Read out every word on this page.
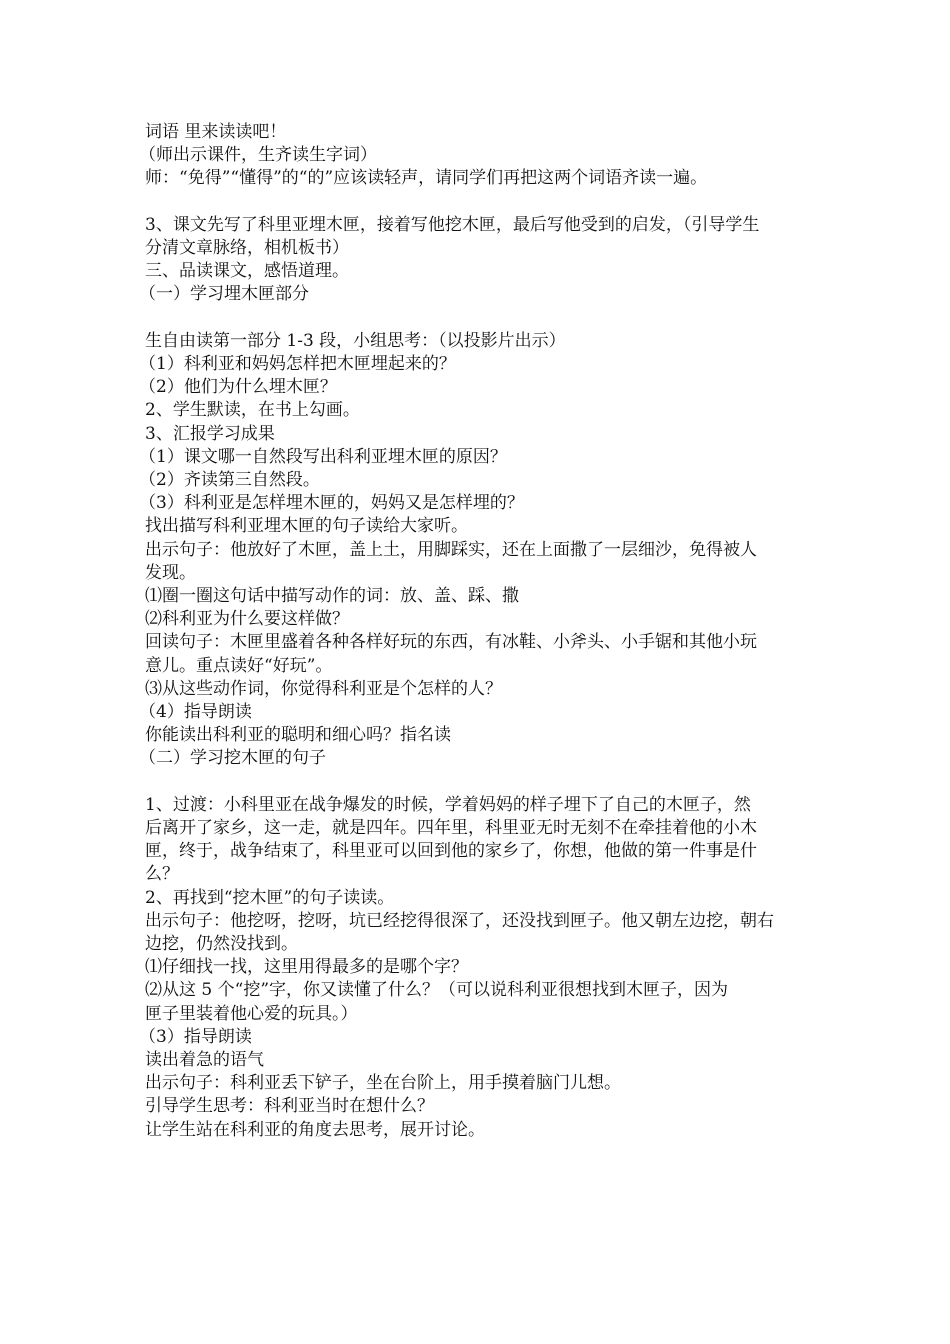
词语 里来读读吧！

（师出示课件，生齐读生字词）

师：“免得”“懂得”的“的”应该读轻声，请同学们再把这两个词语齐读一遍。

3、课文先写了科里亚埋木匣，接着写他挖木匣，最后写他受到的启发，（引导学生

分清文章脉络，相机板书）

三、品读课文，感悟道理。

（一）学习埋木匣部分

生自由读第一部分 1-3 段，小组思考：（以投影片出示）

（1）科利亚和妈妈怎样把木匣埋起来的？

（2）他们为什么埋木匣？

2、学生默读，在书上勾画。

3、汇报学习成果

（1）课文哪一自然段写出科利亚埋木匣的原因？

（2）齐读第三自然段。

（3）科利亚是怎样埋木匣的，妈妈又是怎样埋的？

找出描写科利亚埋木匣的句子读给大家听。

出示句子：他放好了木匣，盖上土，用脚踩实，还在上面撒了一层细沙，免得被人

发现。

⑴圈一圈这句话中描写动作的词：放、盖、踩、撒

⑵科利亚为什么要这样做？

回读句子：木匣里盛着各种各样好玩的东西，有冰鞋、小斧头、小手锯和其他小玩

意儿。重点读好“好玩”。

⑶从这些动作词，你觉得科利亚是个怎样的人？

（4）指导朗读

你能读出科利亚的聪明和细心吗？指名读

（二）学习挖木匣的句子

1、过渡：小科里亚在战争爆发的时候，学着妈妈的样子埋下了自己的木匣子，然

后离开了家乡，这一走，就是四年。四年里，科里亚无时无刻不在牵挂着他的小木

匣，终于，战争结束了，科里亚可以回到他的家乡了，你想，他做的第一件事是什

么？

2、再找到“挖木匣”的句子读读。

出示句子：他挖呀，挖呀，坑已经挖得很深了，还没找到匣子。他又朝左边挖，朝右

边挖，仍然没找到。

⑴仔细找一找，这里用得最多的是哪个字？

⑵从这 5 个“挖”字，你又读懂了什么？（可以说科利亚很想找到木匣子，因为

匣子里装着他心爱的玩具。）

（3）指导朗读

读出着急的语气

出示句子：科利亚丢下铲子，坐在台阶上，用手摸着脑门儿想。

引导学生思考：科利亚当时在想什么？

让学生站在科利亚的角度去思考，展开讨论。
